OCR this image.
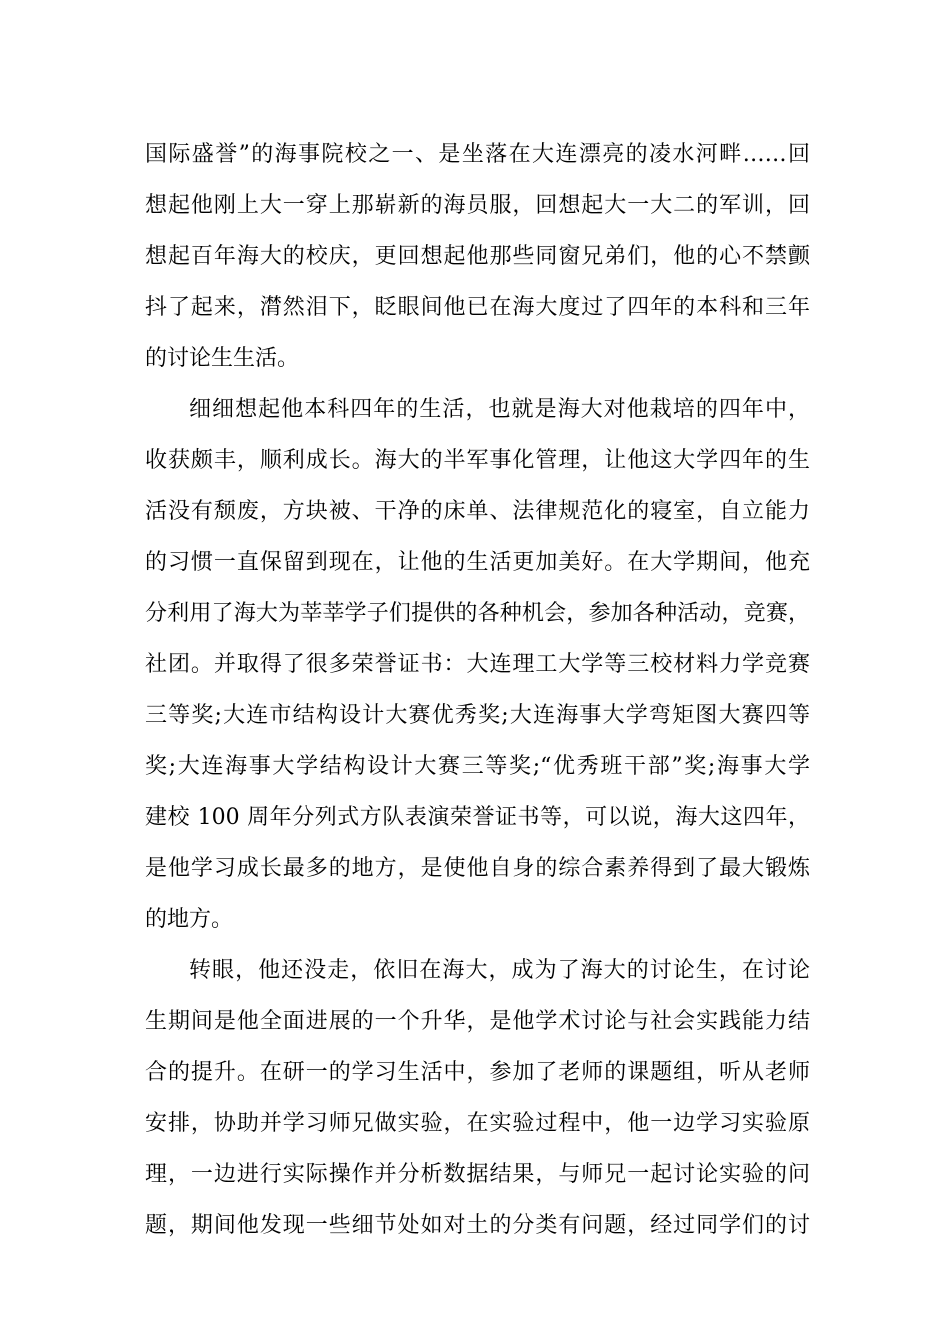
国际盛誉”的海事院校之一、是坐落在大连漂亮的凌水河畔……回
想起他刚上大一穿上那崭新的海员服，回想起大一大二的军训，回
想起百年海大的校庆，更回想起他那些同窗兄弟们，他的心不禁颤
抖了起来，潸然泪下，眨眼间他已在海大度过了四年的本科和三年
的讨论生生活。
细细想起他本科四年的生活，也就是海大对他栽培的四年中，
收获颇丰，顺利成长。海大的半军事化管理，让他这大学四年的生
活没有颓废，方块被、干净的床单、法律规范化的寝室，自立能力
的习惯一直保留到现在，让他的生活更加美好。在大学期间，他充
分利用了海大为莘莘学子们提供的各种机会，参加各种活动，竞赛，
社团。并取得了很多荣誉证书：大连理工大学等三校材料力学竞赛
三等奖;大连市结构设计大赛优秀奖;大连海事大学弯矩图大赛四等
奖;大连海事大学结构设计大赛三等奖;“优秀班干部”奖;海事大学
建校 100 周年分列式方队表演荣誉证书等，可以说，海大这四年，
是他学习成长最多的地方，是使他自身的综合素养得到了最大锻炼
的地方。
转眼，他还没走，依旧在海大，成为了海大的讨论生，在讨论
生期间是他全面进展的一个升华，是他学术讨论与社会实践能力结
合的提升。在研一的学习生活中，参加了老师的课题组，听从老师
安排，协助并学习师兄做实验，在实验过程中，他一边学习实验原
理，一边进行实际操作并分析数据结果，与师兄一起讨论实验的问
题，期间他发现一些细节处如对土的分类有问题，经过同学们的讨
